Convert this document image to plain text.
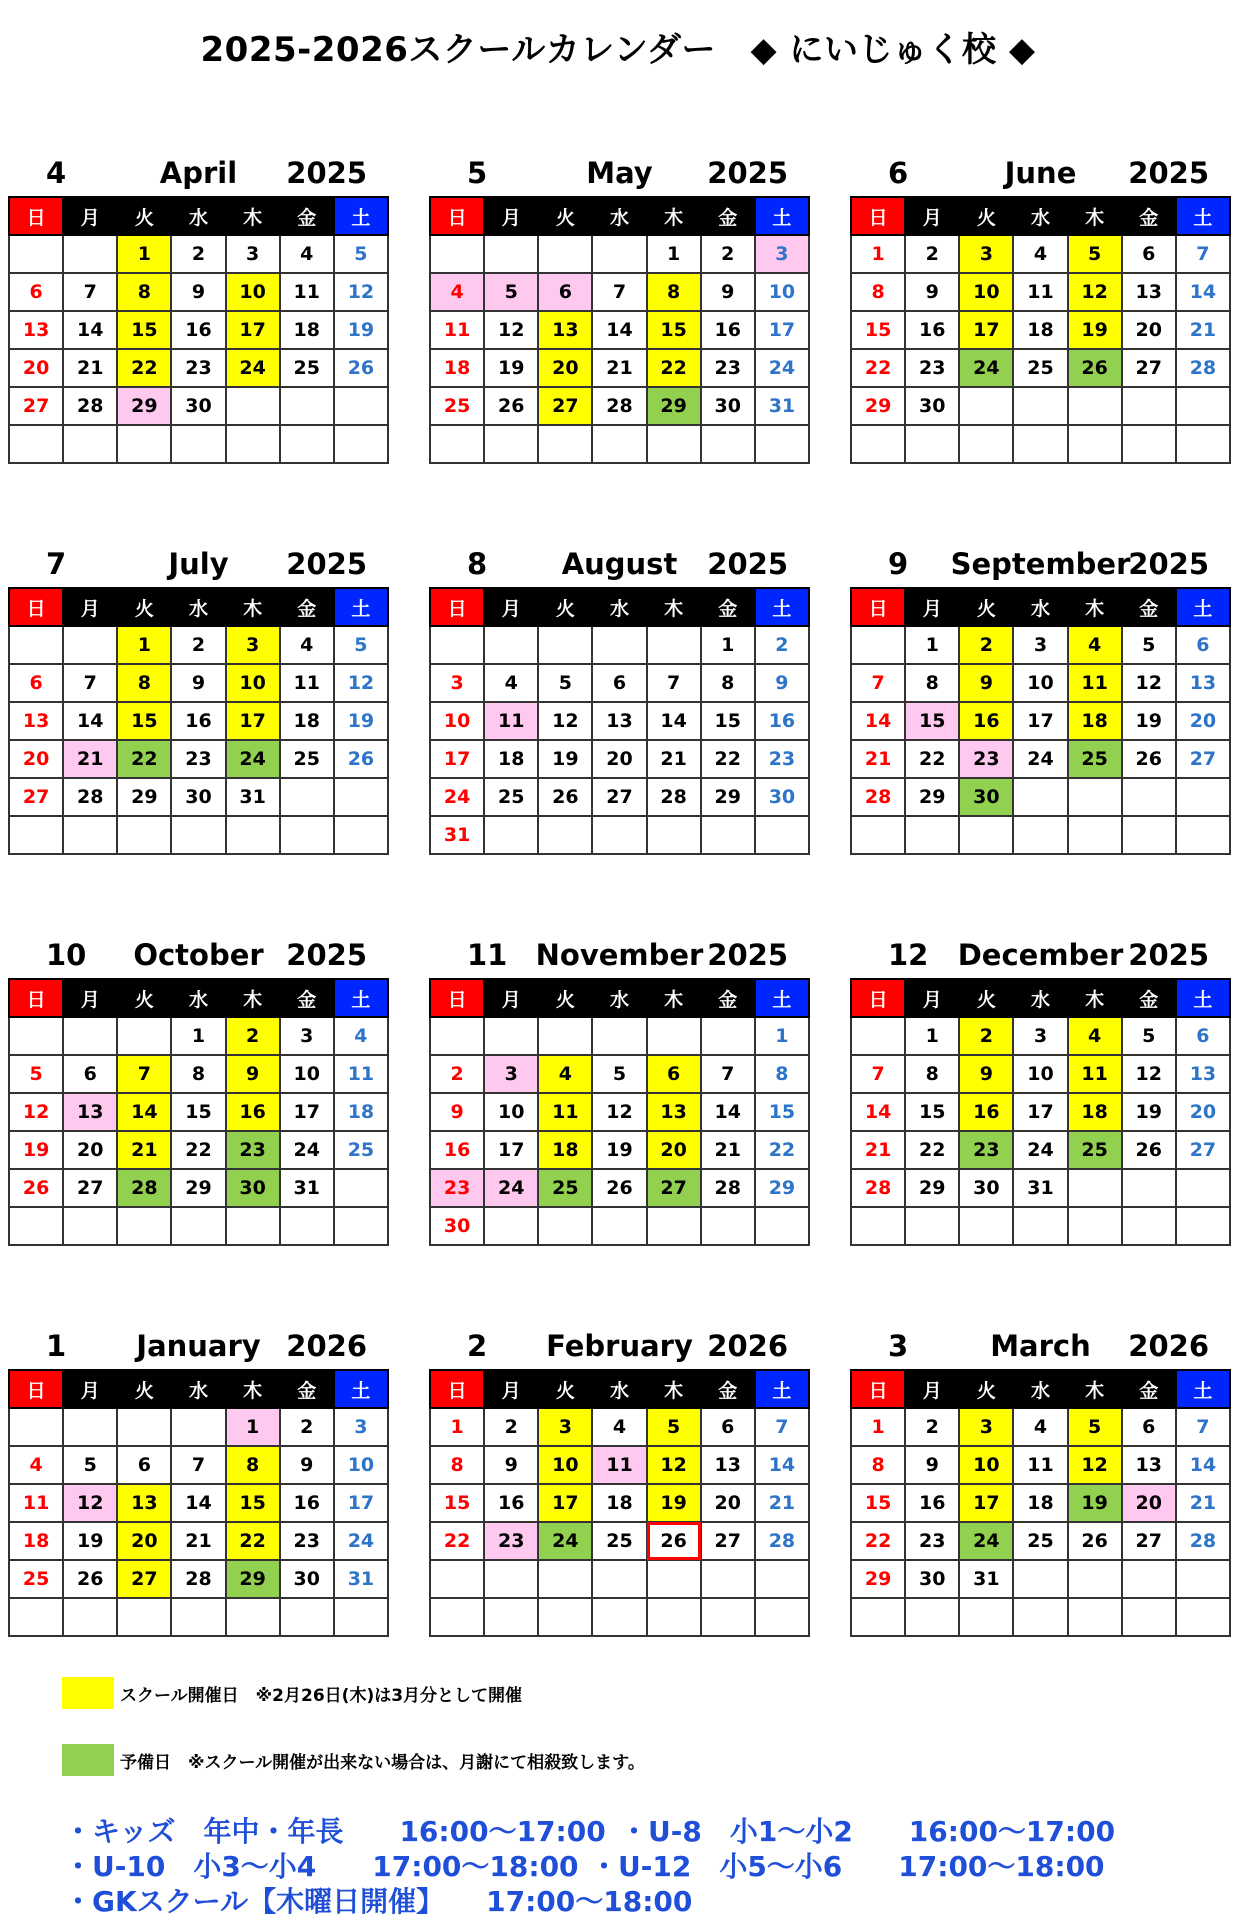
2025-2026スクールカレンダー　◆ にいじゅく校 ◆
4	April	2025
日	月	火	水	木	金	土
		1	2	3	4	5
6	7	8	9	10	11	12
13	14	15	16	17	18	19
20	21	22	23	24	25	26
27	28	29	30			

5	May	2025
日	月	火	水	木	金	土
				1	2	3
4	5	6	7	8	9	10
11	12	13	14	15	16	17
18	19	20	21	22	23	24
25	26	27	28	29	30	31

6	June	2025
日	月	火	水	木	金	土
1	2	3	4	5	6	7
8	9	10	11	12	13	14
15	16	17	18	19	20	21
22	23	24	25	26	27	28
29	30					

7	July	2025
日	月	火	水	木	金	土
		1	2	3	4	5
6	7	8	9	10	11	12
13	14	15	16	17	18	19
20	21	22	23	24	25	26
27	28	29	30	31		

8	August	2025
日	月	火	水	木	金	土
					1	2
3	4	5	6	7	8	9
10	11	12	13	14	15	16
17	18	19	20	21	22	23
24	25	26	27	28	29	30
31						
9	September
2025
日	月	火	水	木	金	土
	1	2	3	4	5	6
7	8	9	10	11	12	13
14	15	16	17	18	19	20
21	22	23	24	25	26	27
28	29	30				

10	October 2025
日	月	火	水	木	金	土
			1	2	3	4
5	6	7	8	9	10	11
12	13	14	15	16	17	18
19	20	21	22	23	24	25
26	27	28	29	30	31	

11 November 2025
日	月	火	水	木	金	土
						1
2	3	4	5	6	7	8
9	10	11	12	13	14	15
16	17	18	19	20	21	22
23	24	25	26	27	28	29
30						
12	December 2025
日	月	火	水	木	金	土
	1	2	3	4	5	6
7	8	9	10	11	12	13
14	15	16	17	18	19	20
21	22	23	24	25	26	27
28	29	30	31			

1	January 2026
日	月	火	水	木	金	土
				1	2	3
4	5	6	7	8	9	10
11	12	13	14	15	16	17
18	19	20	21	22	23	24
25	26	27	28	29	30	31

2	February 2026
日	月	火	水	木	金	土
1	2	3	4	5	6	7
8	9	10	11	12	13	14
15	16	17	18	19	20	21
22	23	24	25	26	27	28

3	March	2026
日	月	火	水	木	金	土
1	2	3	4	5	6	7
8	9	10	11	12	13	14
15	16	17	18	19	20	21
22	23	24	25	26	27	28
29	30	31				

スクール開催日　※2月26日(木)は3月分として開催
予備日　※スクール開催が出来ない場合は、月謝にて相殺致します。
・キッズ　年中・年長　　16:00～17:00 ・U-8　小1～小2　　16:00～17:00
・U-10　小3～小4　　17:00～18:00 ・U-12　小5～小6　　17:00～18:00
・GKスクール【木曜日開催】　　17:00～18:00
